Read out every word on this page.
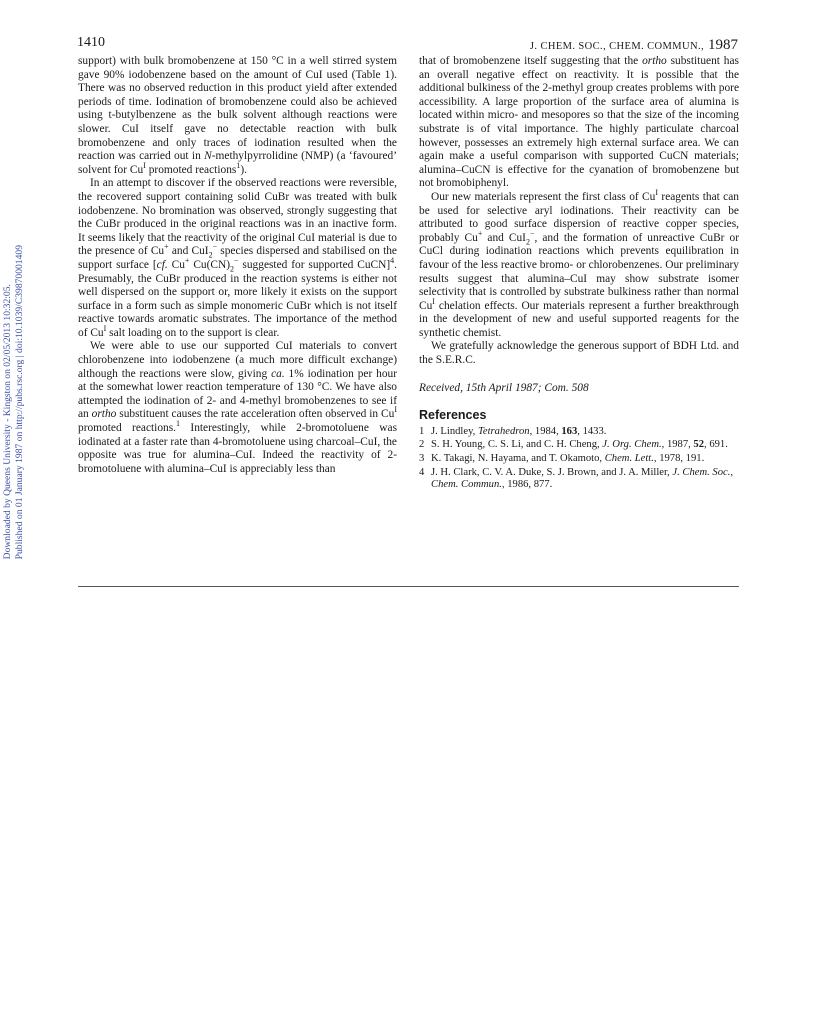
1410	J. CHEM. SOC., CHEM. COMMUN., 1987
Downloaded by Queens University - Kingston on 02/05/2013 10:32:05. Published on 01 January 1987 on http://pubs.rsc.org | doi:10.1039/C39870001409

support) with bulk bromobenzene at 150 °C in a well stirred system gave 90% iodobenzene based on the amount of CuI used (Table 1). There was no observed reduction in this product yield after extended periods of time. Iodination of bromobenzene could also be achieved using t-butylbenzene as the bulk solvent although reactions were slower. CuI itself gave no detectable reaction with bulk bromobenzene and only traces of iodination resulted when the reaction was carried out in N-methylpyrrolidine (NMP) (a ‘favoured’ solvent for $Cu^I$ promoted reactions$^1$).

In an attempt to discover if the observed reactions were reversible, the recovered support containing solid CuBr was treated with bulk iodobenzene. No bromination was observed, strongly suggesting that the CuBr produced in the original reactions was in an inactive form. It seems likely that the reactivity of the original CuI material is due to the presence of Cu+ and CuI$_2$− species dispersed and stabilised on the support surface [cf. Cu+ $Cu(CN)_2^-$ suggested for supported CuCN]$^4$. Presumably, the CuBr produced in the reaction systems is either not well dispersed on the support or, more likely it exists on the support surface in a form such as simple monomeric CuBr which is not itself reactive towards aromatic substrates. The importance of the method of $Cu^I$ salt loading on to the support is clear.

We were able to use our supported CuI materials to convert chlorobenzene into iodobenzene (a much more difficult exchange) although the reactions were slow, giving ca. 1% iodination per hour at the somewhat lower reaction temperature of 130 °C. We have also attempted the iodination of 2- and 4-methyl bromobenzenes to see if an ortho substituent causes the rate acceleration often observed in $Cu^I$ promoted reactions.$^1$ Interestingly, while 2-bromotoluene was iodinated at a faster rate than 4-bromotoluene using charcoal–CuI, the opposite was true for alumina–CuI. Indeed the reactivity of 2-bromotoluene with alumina–CuI is appreciably less than

that of bromobenzene itself suggesting that the ortho substituent has an overall negative effect on reactivity. It is possible that the additional bulkiness of the 2-methyl group creates problems with pore accessibility. A large proportion of the surface area of alumina is located within micro- and mesopores so that the size of the incoming substrate is of vital importance. The highly particulate charcoal however, possesses an extremely high external surface area. We can again make a useful comparison with supported CuCN materials; alumina–CuCN is effective for the cyanation of bromobenzene but not bromobiphenyl.

Our new materials represent the first class of $Cu^I$ reagents that can be used for selective aryl iodinations. Their reactivity can be attributed to good surface dispersion of reactive copper species, probably Cu+ and CuI$_2$−, and the formation of unreactive CuBr or CuCl during iodination reactions which prevents equilibration in favour of the less reactive bromo- or chlorobenzenes. Our preliminary results suggest that alumina–CuI may show substrate isomer selectivity that is controlled by substrate bulkiness rather than normal $Cu^I$ chelation effects. Our materials represent a further breakthrough in the development of new and useful supported reagents for the synthetic chemist.

We gratefully acknowledge the generous support of BDH Ltd. and the S.E.R.C.

Received, 15th April 1987; Com. 508

References
1 J. Lindley, Tetrahedron, 1984, 163, 1433.
2 S. H. Young, C. S. Li, and C. H. Cheng, J. Org. Chem., 1987, 52, 691.
3 K. Takagi, N. Hayama, and T. Okamoto, Chem. Lett., 1978, 191.
4 J. H. Clark, C. V. A. Duke, S. J. Brown, and J. A. Miller, J. Chem. Soc., Chem. Commun., 1986, 877.
